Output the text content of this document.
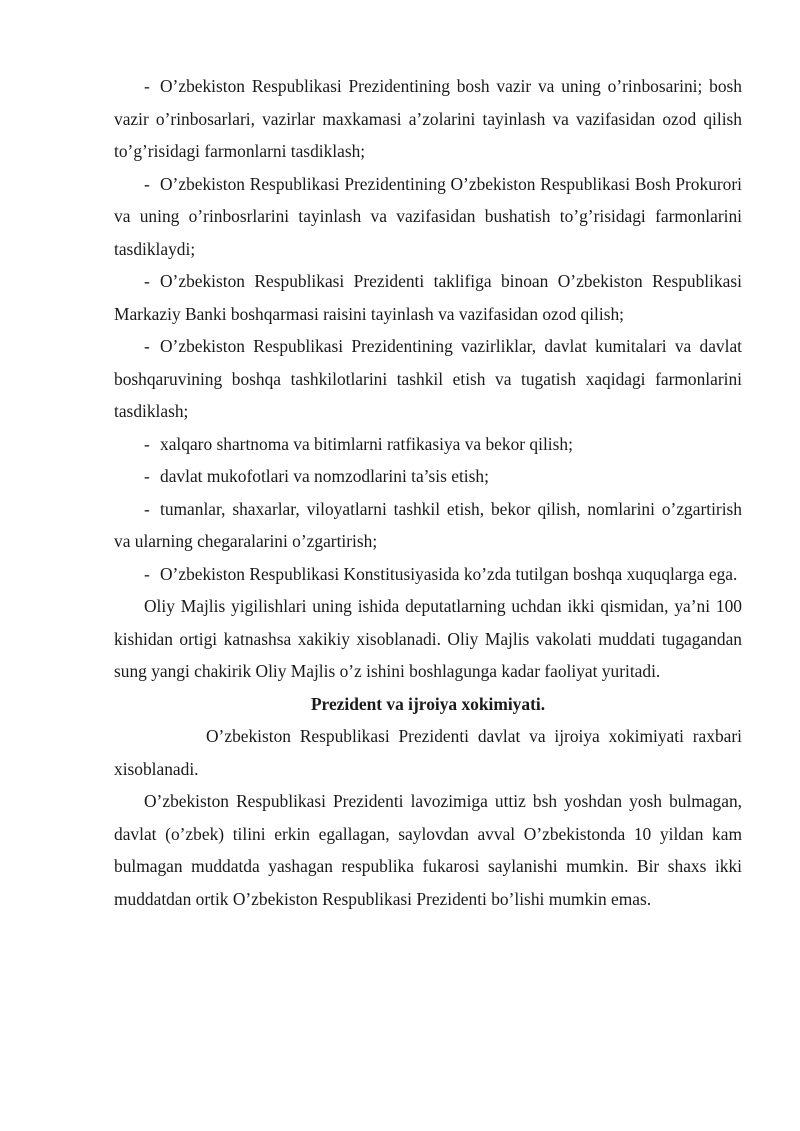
- O’zbekiston Respublikasi Prezidentining bosh vazir va uning o’rinbosarini; bosh vazir o’rinbosarlari, vazirlar maxkamasi a’zolarini tayinlash va vazifasidan ozod qilish to’g’risidagi farmonlarni tasdiklash;

- O’zbekiston Respublikasi Prezidentining O’zbekiston Respublikasi Bosh Prokurori va uning o’rinbosrlarini tayinlash va vazifasidan bushatish to’g’risidagi farmonlarini tasdiklaydi;

- O’zbekiston Respublikasi Prezidenti taklifiga binoan O’zbekiston Respublikasi Markaziy Banki boshqarmasi raisini tayinlash va vazifasidan ozod qilish;

- O’zbekiston Respublikasi Prezidentining vazirliklar, davlat kumitalari va davlat boshqaruvining boshqa tashkilotlarini tashkil etish va tugatish xaqidagi farmonlarini tasdiklash;

- xalqaro shartnoma va bitimlarni ratfikasiya va bekor qilish;

- davlat mukofotlari va nomzodlarini ta’sis etish;

- tumanlar, shaxarlar, viloyatlarni tashkil etish, bekor qilish, nomlarini o’zgartirish va ularning chegaralarini o’zgartirish;

- O’zbekiston Respublikasi Konstitusiyasida ko’zda tutilgan boshqa xuquqlarga ega.

Oliy Majlis yigilishlari uning ishida deputatlarning uchdan ikki qismidan, ya’ni 100 kishidan ortigi katnashsa xakikiy xisoblanadi. Oliy Majlis vakolati muddati tugagandan sung yangi chakirik Oliy Majlis o’z ishini boshlagunga kadar faoliyat yuritadi.

Prezident va ijroiya xokimiyati.

O’zbekiston Respublikasi Prezidenti davlat va ijroiya xokimiyati raxbari xisoblanadi.

O’zbekiston Respublikasi Prezidenti lavozimiga uttiz bsh yoshdan yosh bulmagan, davlat (o’zbek) tilini erkin egallagan, saylovdan avval O’zbekistonda 10 yildan kam bulmagan muddatda yashagan respublika fukarosi saylanishi mumkin. Bir shaxs ikki muddatdan ortik O’zbekiston Respublikasi Prezidenti bo’lishi mumkin emas.
